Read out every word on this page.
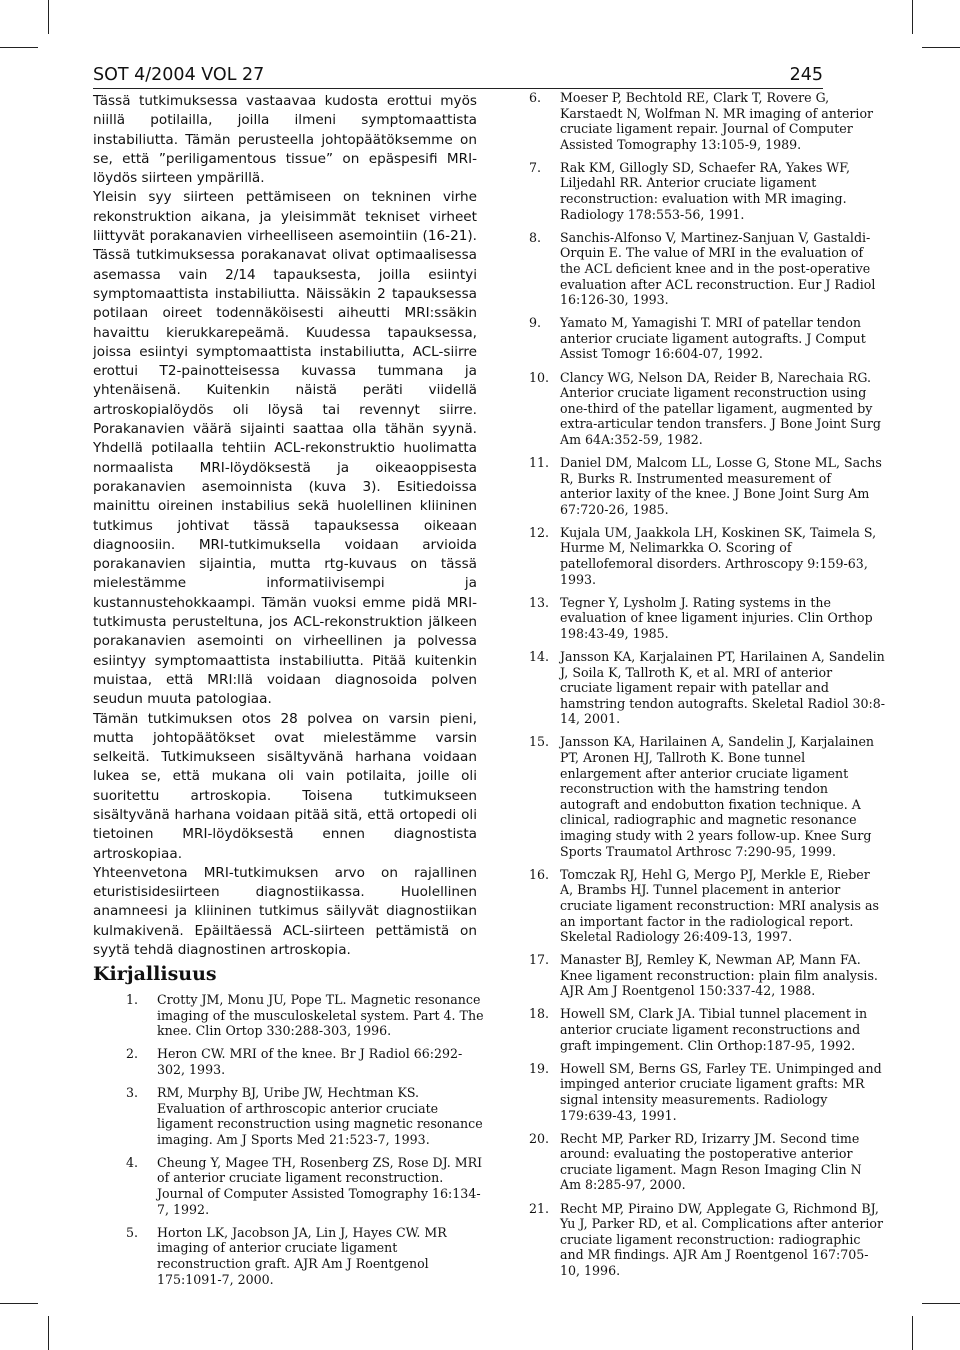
SOT 4/2004 VOL 27	245

Tässä tutkimuksessa vastaavaa kudosta erottui myös niillä potilailla, joilla ilmeni symptomaattista instabiliutta. Tämän perusteella johtopäätöksemme on se, että ”periligamentous tissue” on epäspesifi MRI-löydös siirteen ympärillä.

Yleisin syy siirteen pettämiseen on tekninen virhe rekonstruktion aikana, ja yleisimmät tekniset virheet liittyvät porakanavien virheelliseen asemointiin (16-21). Tässä tutkimuksessa porakanavat olivat optimaalisessa asemassa vain 2/14 tapauksesta, joilla esiintyi symptomaattista instabiliutta. Näissäkin 2 tapauksessa potilaan oireet todennäköisesti aiheutti MRI:ssäkin havaittu kierukkarepeämä. Kuudessa tapauksessa, joissa esiintyi symptomaattista instabiliutta, ACL-siirre erottui T2-painotteisessa kuvassa tummana ja yhtenäisenä. Kuitenkin näistä peräti viidellä artroskopialöydös oli löysä tai revennyt siirre. Porakanavien väärä sijainti saattaa olla tähän syynä. Yhdellä potilaalla tehtiin ACL-rekonstruktio huolimatta normaalista MRI-löydöksestä ja oikeaoppisesta porakanavien asemoinnista (kuva 3). Esitiedoissa mainittu oireinen instabilius sekä huolellinen kliininen tutkimus johtivat tässä tapauksessa oikeaan diagnoosiin. MRI-tutkimuksella voidaan arvioida porakanavien sijaintia, mutta rtg-kuvaus on tässä mielestämme informatiivisempi ja kustannustehokkaampi. Tämän vuoksi emme pidä MRI-tutkimusta perusteltuna, jos ACL-rekonstruktion jälkeen porakanavien asemointi on virheellinen ja polvessa esiintyy symptomaattista instabiliutta. Pitää kuitenkin muistaa, että MRI:llä voidaan diagnosoida polven seudun muuta patologiaa.

Tämän tutkimuksen otos 28 polvea on varsin pieni, mutta johtopäätökset ovat mielestämme varsin selkeitä. Tutkimukseen sisältyvänä harhana voidaan lukea se, että mukana oli vain potilaita, joille oli suoritettu artroskopia. Toisena tutkimukseen sisältyvänä harhana voidaan pitää sitä, että ortopedi oli tietoinen MRI-löydöksestä ennen diagnostista artroskopiaa.

Yhteenvetona MRI-tutkimuksen arvo on rajallinen eturistisidesiirteen diagnostiikassa. Huolellinen anamneesi ja kliininen tutkimus säilyvät diagnostiikan kulmakivenä. Epäiltäessä ACL-siirteen pettämistä on syytä tehdä diagnostinen artroskopia.

Kirjallisuus
1. Crotty JM, Monu JU, Pope TL. Magnetic resonance imaging of the musculoskeletal system. Part 4. The knee. Clin Ortop 330:288-303, 1996.
2. Heron CW. MRI of the knee. Br J Radiol 66:292-302, 1993.
3. RM, Murphy BJ, Uribe JW, Hechtman KS. Evaluation of arthroscopic anterior cruciate ligament reconstruction using magnetic resonance imaging. Am J Sports Med 21:523-7, 1993.
4. Cheung Y, Magee TH, Rosenberg ZS, Rose DJ. MRI of anterior cruciate ligament reconstruction. Journal of Computer Assisted Tomography 16:134-7, 1992.
5. Horton LK, Jacobson JA, Lin J, Hayes CW. MR imaging of anterior cruciate ligament reconstruction graft. AJR Am J Roentgenol 175:1091-7, 2000.
6. Moeser P, Bechtold RE, Clark T, Rovere G, Karstaedt N, Wolfman N. MR imaging of anterior cruciate ligament repair. Journal of Computer Assisted Tomography 13:105-9, 1989.
7. Rak KM, Gillogly SD, Schaefer RA, Yakes WF, Liljedahl RR. Anterior cruciate ligament reconstruction: evaluation with MR imaging. Radiology 178:553-56, 1991.
8. Sanchis-Alfonso V, Martinez-Sanjuan V, Gastaldi-Orquin E. The value of MRI in the evaluation of the ACL deficient knee and in the post-operative evaluation after ACL reconstruction. Eur J Radiol 16:126-30, 1993.
9. Yamato M, Yamagishi T. MRI of patellar tendon anterior cruciate ligament autografts. J Comput Assist Tomogr 16:604-07, 1992.
10. Clancy WG, Nelson DA, Reider B, Narechaia RG. Anterior cruciate ligament reconstruction using one-third of the patellar ligament, augmented by extra-articular tendon transfers. J Bone Joint Surg Am 64A:352-59, 1982.
11. Daniel DM, Malcom LL, Losse G, Stone ML, Sachs R, Burks R. Instrumented measurement of anterior laxity of the knee. J Bone Joint Surg Am 67:720-26, 1985.
12. Kujala UM, Jaakkola LH, Koskinen SK, Taimela S, Hurme M, Nelimarkka O. Scoring of patellofemoral disorders. Arthroscopy 9:159-63, 1993.
13. Tegner Y, Lysholm J. Rating systems in the evaluation of knee ligament injuries. Clin Orthop 198:43-49, 1985.
14. Jansson KA, Karjalainen PT, Harilainen A, Sandelin J, Soila K, Tallroth K, et al. MRI of anterior cruciate ligament repair with patellar and hamstring tendon autografts. Skeletal Radiol 30:8-14, 2001.
15. Jansson KA, Harilainen A, Sandelin J, Karjalainen PT, Aronen HJ, Tallroth K. Bone tunnel enlargement after anterior cruciate ligament reconstruction with the hamstring tendon autograft and endobutton fixation technique. A clinical, radiographic and magnetic resonance imaging study with 2 years follow-up. Knee Surg Sports Traumatol Arthrosc 7:290-95, 1999.
16. Tomczak RJ, Hehl G, Mergo PJ, Merkle E, Rieber A, Brambs HJ. Tunnel placement in anterior cruciate ligament reconstruction: MRI analysis as an important factor in the radiological report. Skeletal Radiology 26:409-13, 1997.
17. Manaster BJ, Remley K, Newman AP, Mann FA. Knee ligament reconstruction: plain film analysis. AJR Am J Roentgenol 150:337-42, 1988.
18. Howell SM, Clark JA. Tibial tunnel placement in anterior cruciate ligament reconstructions and graft impingement. Clin Orthop:187-95, 1992.
19. Howell SM, Berns GS, Farley TE. Unimpinged and impinged anterior cruciate ligament grafts: MR signal intensity measurements. Radiology 179:639-43, 1991.
20. Recht MP, Parker RD, Irizarry JM. Second time around: evaluating the postoperative anterior cruciate ligament. Magn Reson Imaging Clin N Am 8:285-97, 2000.
21. Recht MP, Piraino DW, Applegate G, Richmond BJ, Yu J, Parker RD, et al. Complications after anterior cruciate ligament reconstruction: radiographic and MR findings. AJR Am J Roentgenol 167:705-10, 1996.
